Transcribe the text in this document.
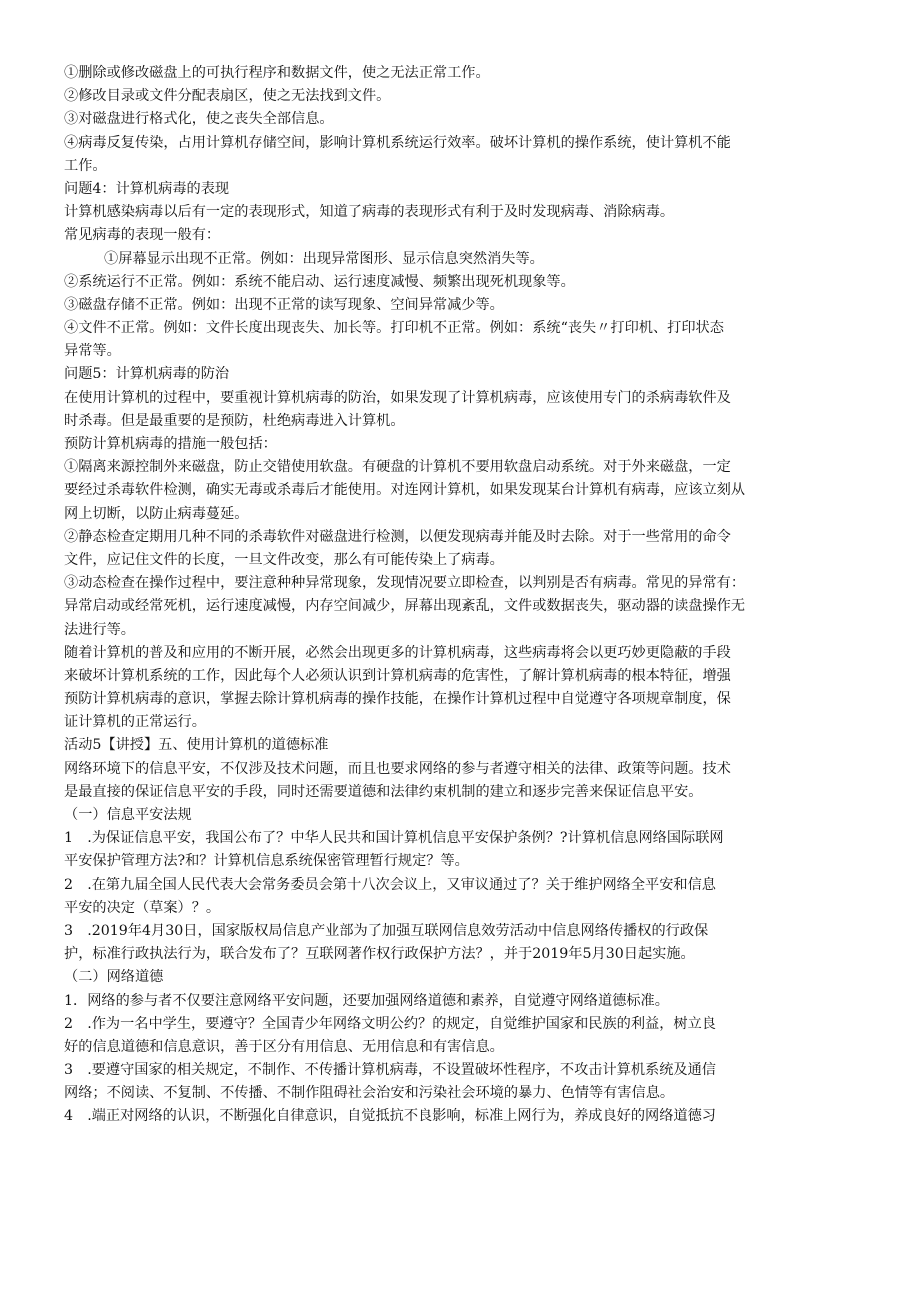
①删除或修改磁盘上的可执行程序和数据文件，使之无法正常工作。
②修改目录或文件分配表扇区，使之无法找到文件。
③对磁盘进行格式化，使之丧失全部信息。
④病毒反复传染，占用计算机存储空间，影响计算机系统运行效率。破坏计算机的操作系统，使计算机不能
工作。
问题4：计算机病毒的表现
计算机感染病毒以后有一定的表现形式，知道了病毒的表现形式有利于及时发现病毒、消除病毒。
常见病毒的表现一般有：
①屏幕显示出现不正常。例如：出现异常图形、显示信息突然消失等。
②系统运行不正常。例如：系统不能启动、运行速度减慢、频繁出现死机现象等。
③磁盘存储不正常。例如：出现不正常的读写现象、空间异常减少等。
④文件不正常。例如：文件长度出现丧失、加长等。打印机不正常。例如：系统“丧失〃打印机、打印状态
异常等。
问题5：计算机病毒的防治
在使用计算机的过程中，要重视计算机病毒的防治，如果发现了计算机病毒，应该使用专门的杀病毒软件及
时杀毒。但是最重要的是预防，杜绝病毒进入计算机。
预防计算机病毒的措施一般包括：
①隔离来源控制外来磁盘，防止交错使用软盘。有硬盘的计算机不要用软盘启动系统。对于外来磁盘，一定
要经过杀毒软件检测，确实无毒或杀毒后才能使用。对连网计算机，如果发现某台计算机有病毒，应该立刻从
网上切断，以防止病毒蔓延。
②静态检查定期用几种不同的杀毒软件对磁盘进行检测，以便发现病毒并能及时去除。对于一些常用的命令
文件，应记住文件的长度，一旦文件改变，那么有可能传染上了病毒。
③动态检查在操作过程中，要注意种种异常现象，发现情况要立即检查，以判别是否有病毒。常见的异常有：
异常启动或经常死机，运行速度减慢，内存空间减少，屏幕出现紊乱，文件或数据丧失，驱动器的读盘操作无
法进行等。
随着计算机的普及和应用的不断开展，必然会出现更多的计算机病毒，这些病毒将会以更巧妙更隐蔽的手段
来破坏计算机系统的工作，因此每个人必须认识到计算机病毒的危害性，了解计算机病毒的根本特征，增强
预防计算机病毒的意识，掌握去除计算机病毒的操作技能，在操作计算机过程中自觉遵守各项规章制度，保
证计算机的正常运行。
活动5【讲授】五、使用计算机的道德标准
网络环境下的信息平安，不仅涉及技术问题，而且也要求网络的参与者遵守相关的法律、政策等问题。技术
是最直接的保证信息平安的手段，同时还需要道德和法律约束机制的建立和逐步完善来保证信息平安。
（一）信息平安法规
1　.为保证信息平安，我国公布了？中华人民共和国计算机信息平安保护条例？?计算机信息网络国际联网
平安保护管理方法?和？计算机信息系统保密管理暂行规定？等。
2　.在第九届全国人民代表大会常务委员会第十八次会议上，又审议通过了？关于维护网络全平安和信息
平安的决定（草案）？。
3　.2019年4月30日，国家版权局信息产业部为了加强互联网信息效劳活动中信息网络传播权的行政保
护，标准行政执法行为，联合发布了？互联网著作权行政保护方法？，并于2019年5月30日起实施。
（二）网络道德
1．网络的参与者不仅要注意网络平安问题，还要加强网络道德和素养，自觉遵守网络道德标准。
2　.作为一名中学生，要遵守？全国青少年网络文明公约？的规定，自觉维护国家和民族的利益，树立良
好的信息道德和信息意识，善于区分有用信息、无用信息和有害信息。
3　.要遵守国家的相关规定，不制作、不传播计算机病毒，不设置破坏性程序，不攻击计算机系统及通信
网络；不阅读、不复制、不传播、不制作阻碍社会治安和污染社会环境的暴力、色情等有害信息。
4　.端正对网络的认识，不断强化自律意识，自觉抵抗不良影响，标准上网行为，养成良好的网络道德习
